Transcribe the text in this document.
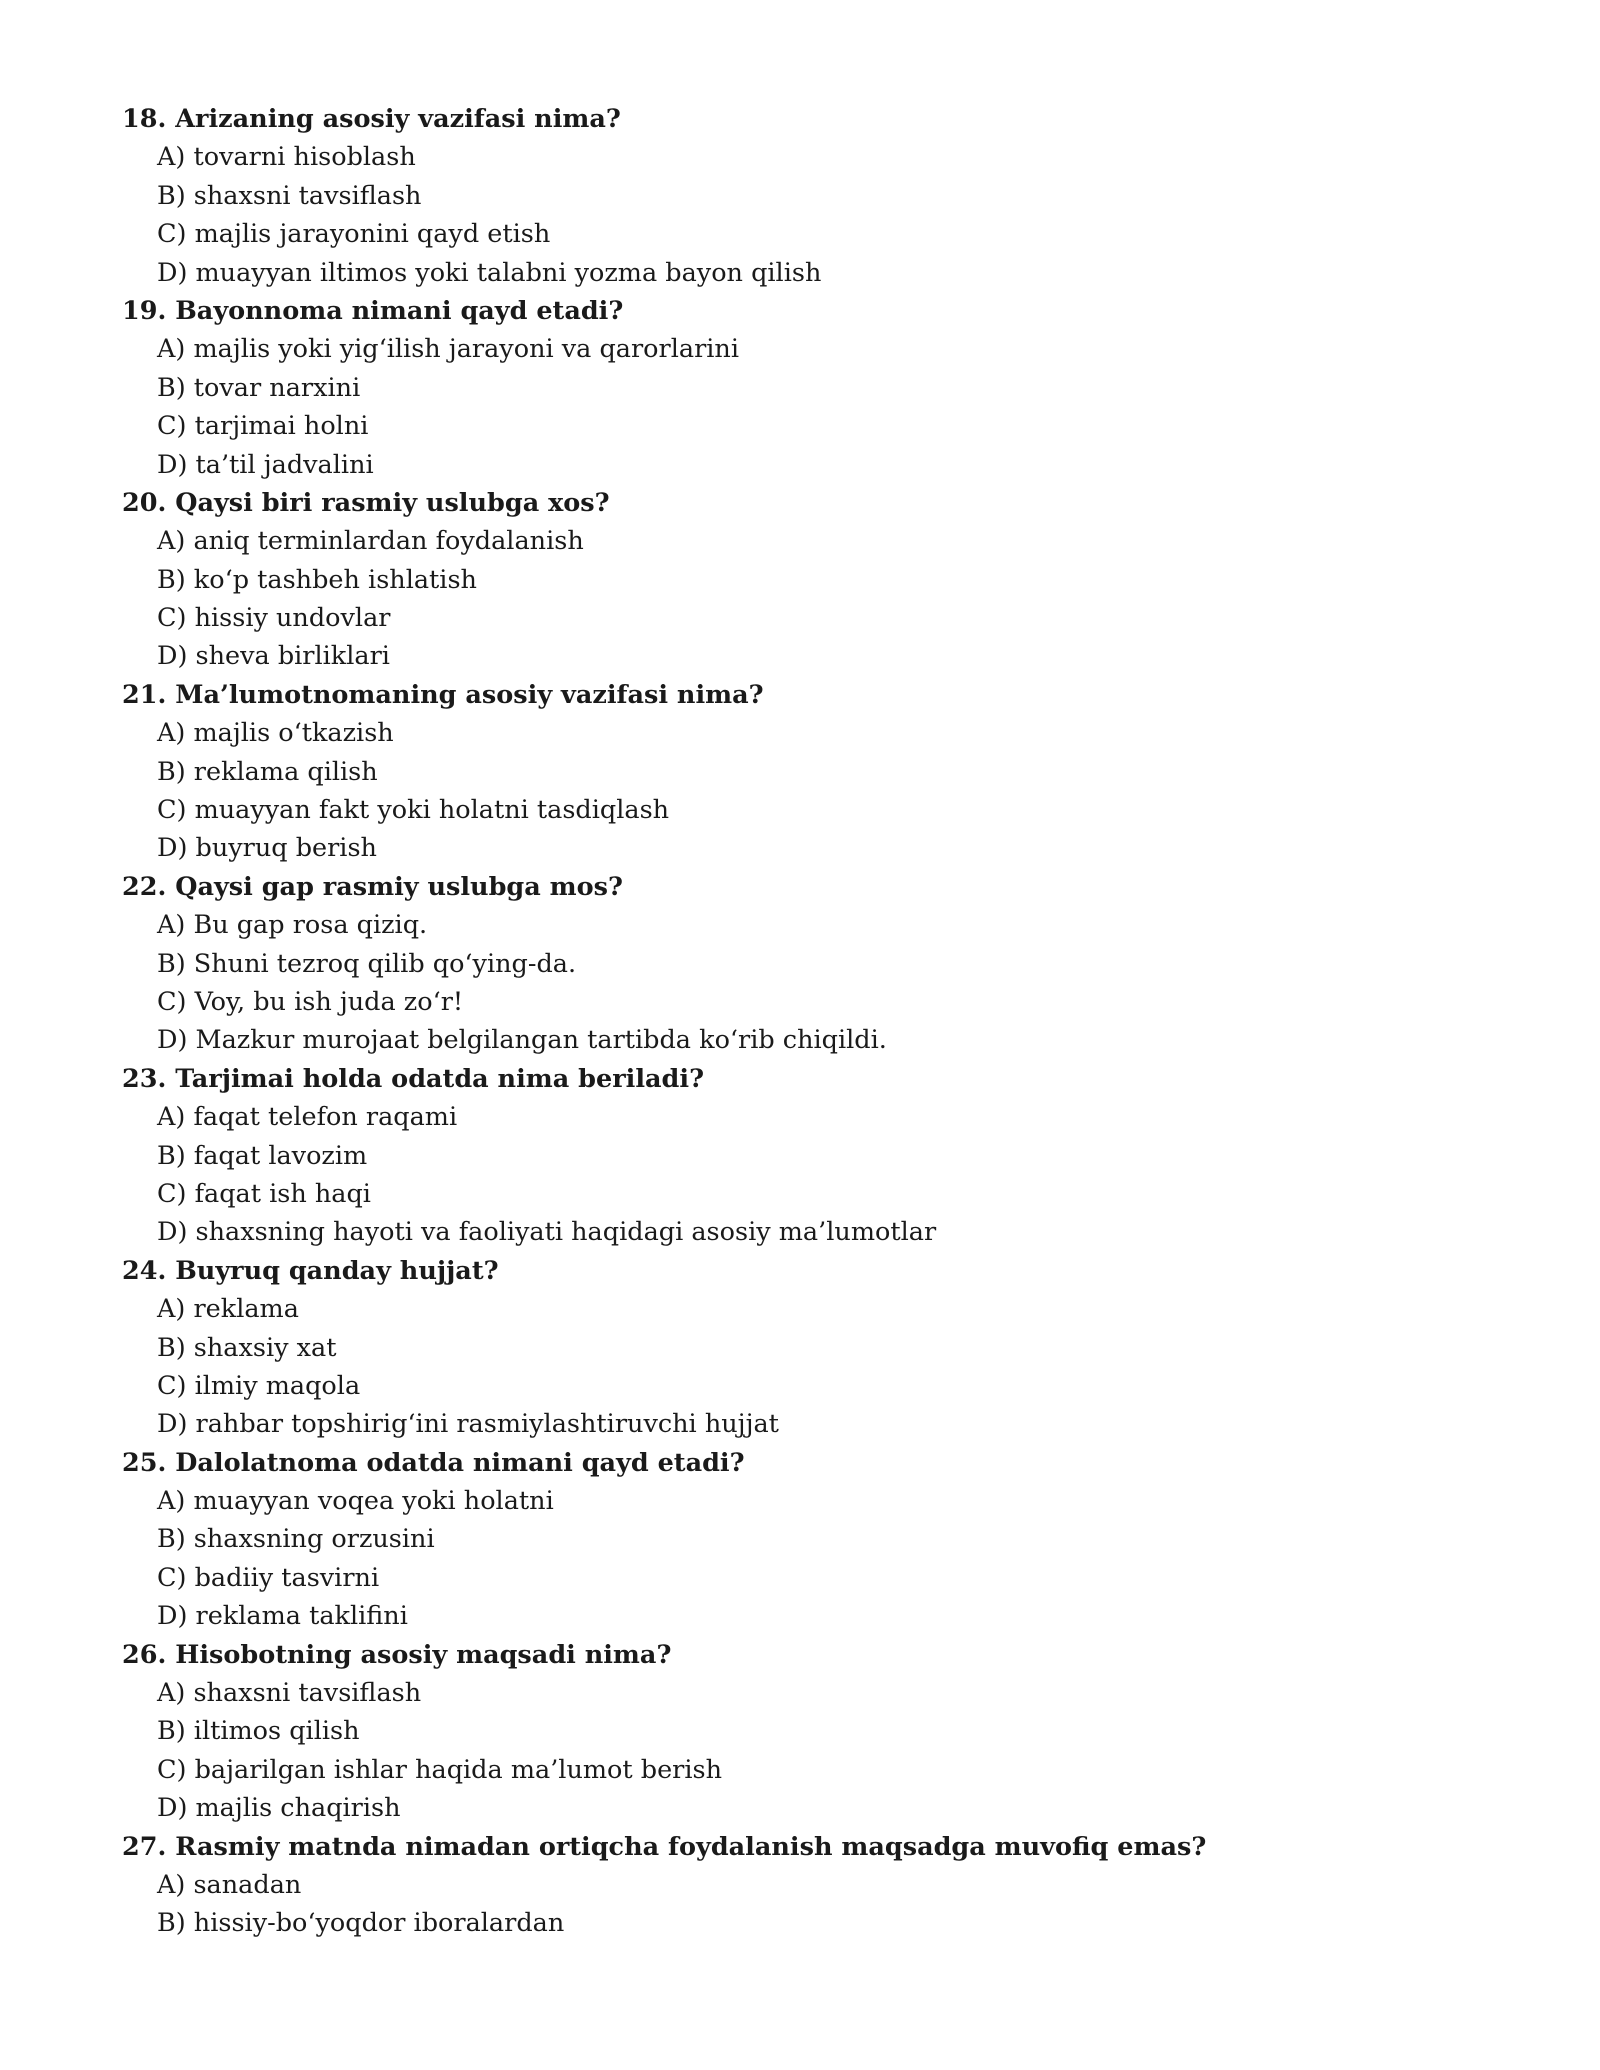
18. Arizaning asosiy vazifasi nima?
A) tovarni hisoblash
B) shaxsni tavsiflash
C) majlis jarayonini qayd etish
D) muayyan iltimos yoki talabni yozma bayon qilish
19. Bayonnoma nimani qayd etadi?
A) majlis yoki yig‘ilish jarayoni va qarorlarini
B) tovar narxini
C) tarjimai holni
D) ta’til jadvalini
20. Qaysi biri rasmiy uslubga xos?
A) aniq terminlardan foydalanish
B) ko‘p tashbeh ishlatish
C) hissiy undovlar
D) sheva birliklari
21. Ma’lumotnomaning asosiy vazifasi nima?
A) majlis o‘tkazish
B) reklama qilish
C) muayyan fakt yoki holatni tasdiqlash
D) buyruq berish
22. Qaysi gap rasmiy uslubga mos?
A) Bu gap rosa qiziq.
B) Shuni tezroq qilib qo‘ying-da.
C) Voy, bu ish juda zo‘r!
D) Mazkur murojaat belgilangan tartibda ko‘rib chiqildi.
23. Tarjimai holda odatda nima beriladi?
A) faqat telefon raqami
B) faqat lavozim
C) faqat ish haqi
D) shaxsning hayoti va faoliyati haqidagi asosiy ma’lumotlar
24. Buyruq qanday hujjat?
A) reklama
B) shaxsiy xat
C) ilmiy maqola
D) rahbar topshirig‘ini rasmiylashtiruvchi hujjat
25. Dalolatnoma odatda nimani qayd etadi?
A) muayyan voqea yoki holatni
B) shaxsning orzusini
C) badiiy tasvirni
D) reklama taklifini
26. Hisobotning asosiy maqsadi nima?
A) shaxsni tavsiflash
B) iltimos qilish
C) bajarilgan ishlar haqida ma’lumot berish
D) majlis chaqirish
27. Rasmiy matnda nimadan ortiqcha foydalanish maqsadga muvofiq emas?
A) sanadan
B) hissiy-bo‘yoqdor iboralardan
